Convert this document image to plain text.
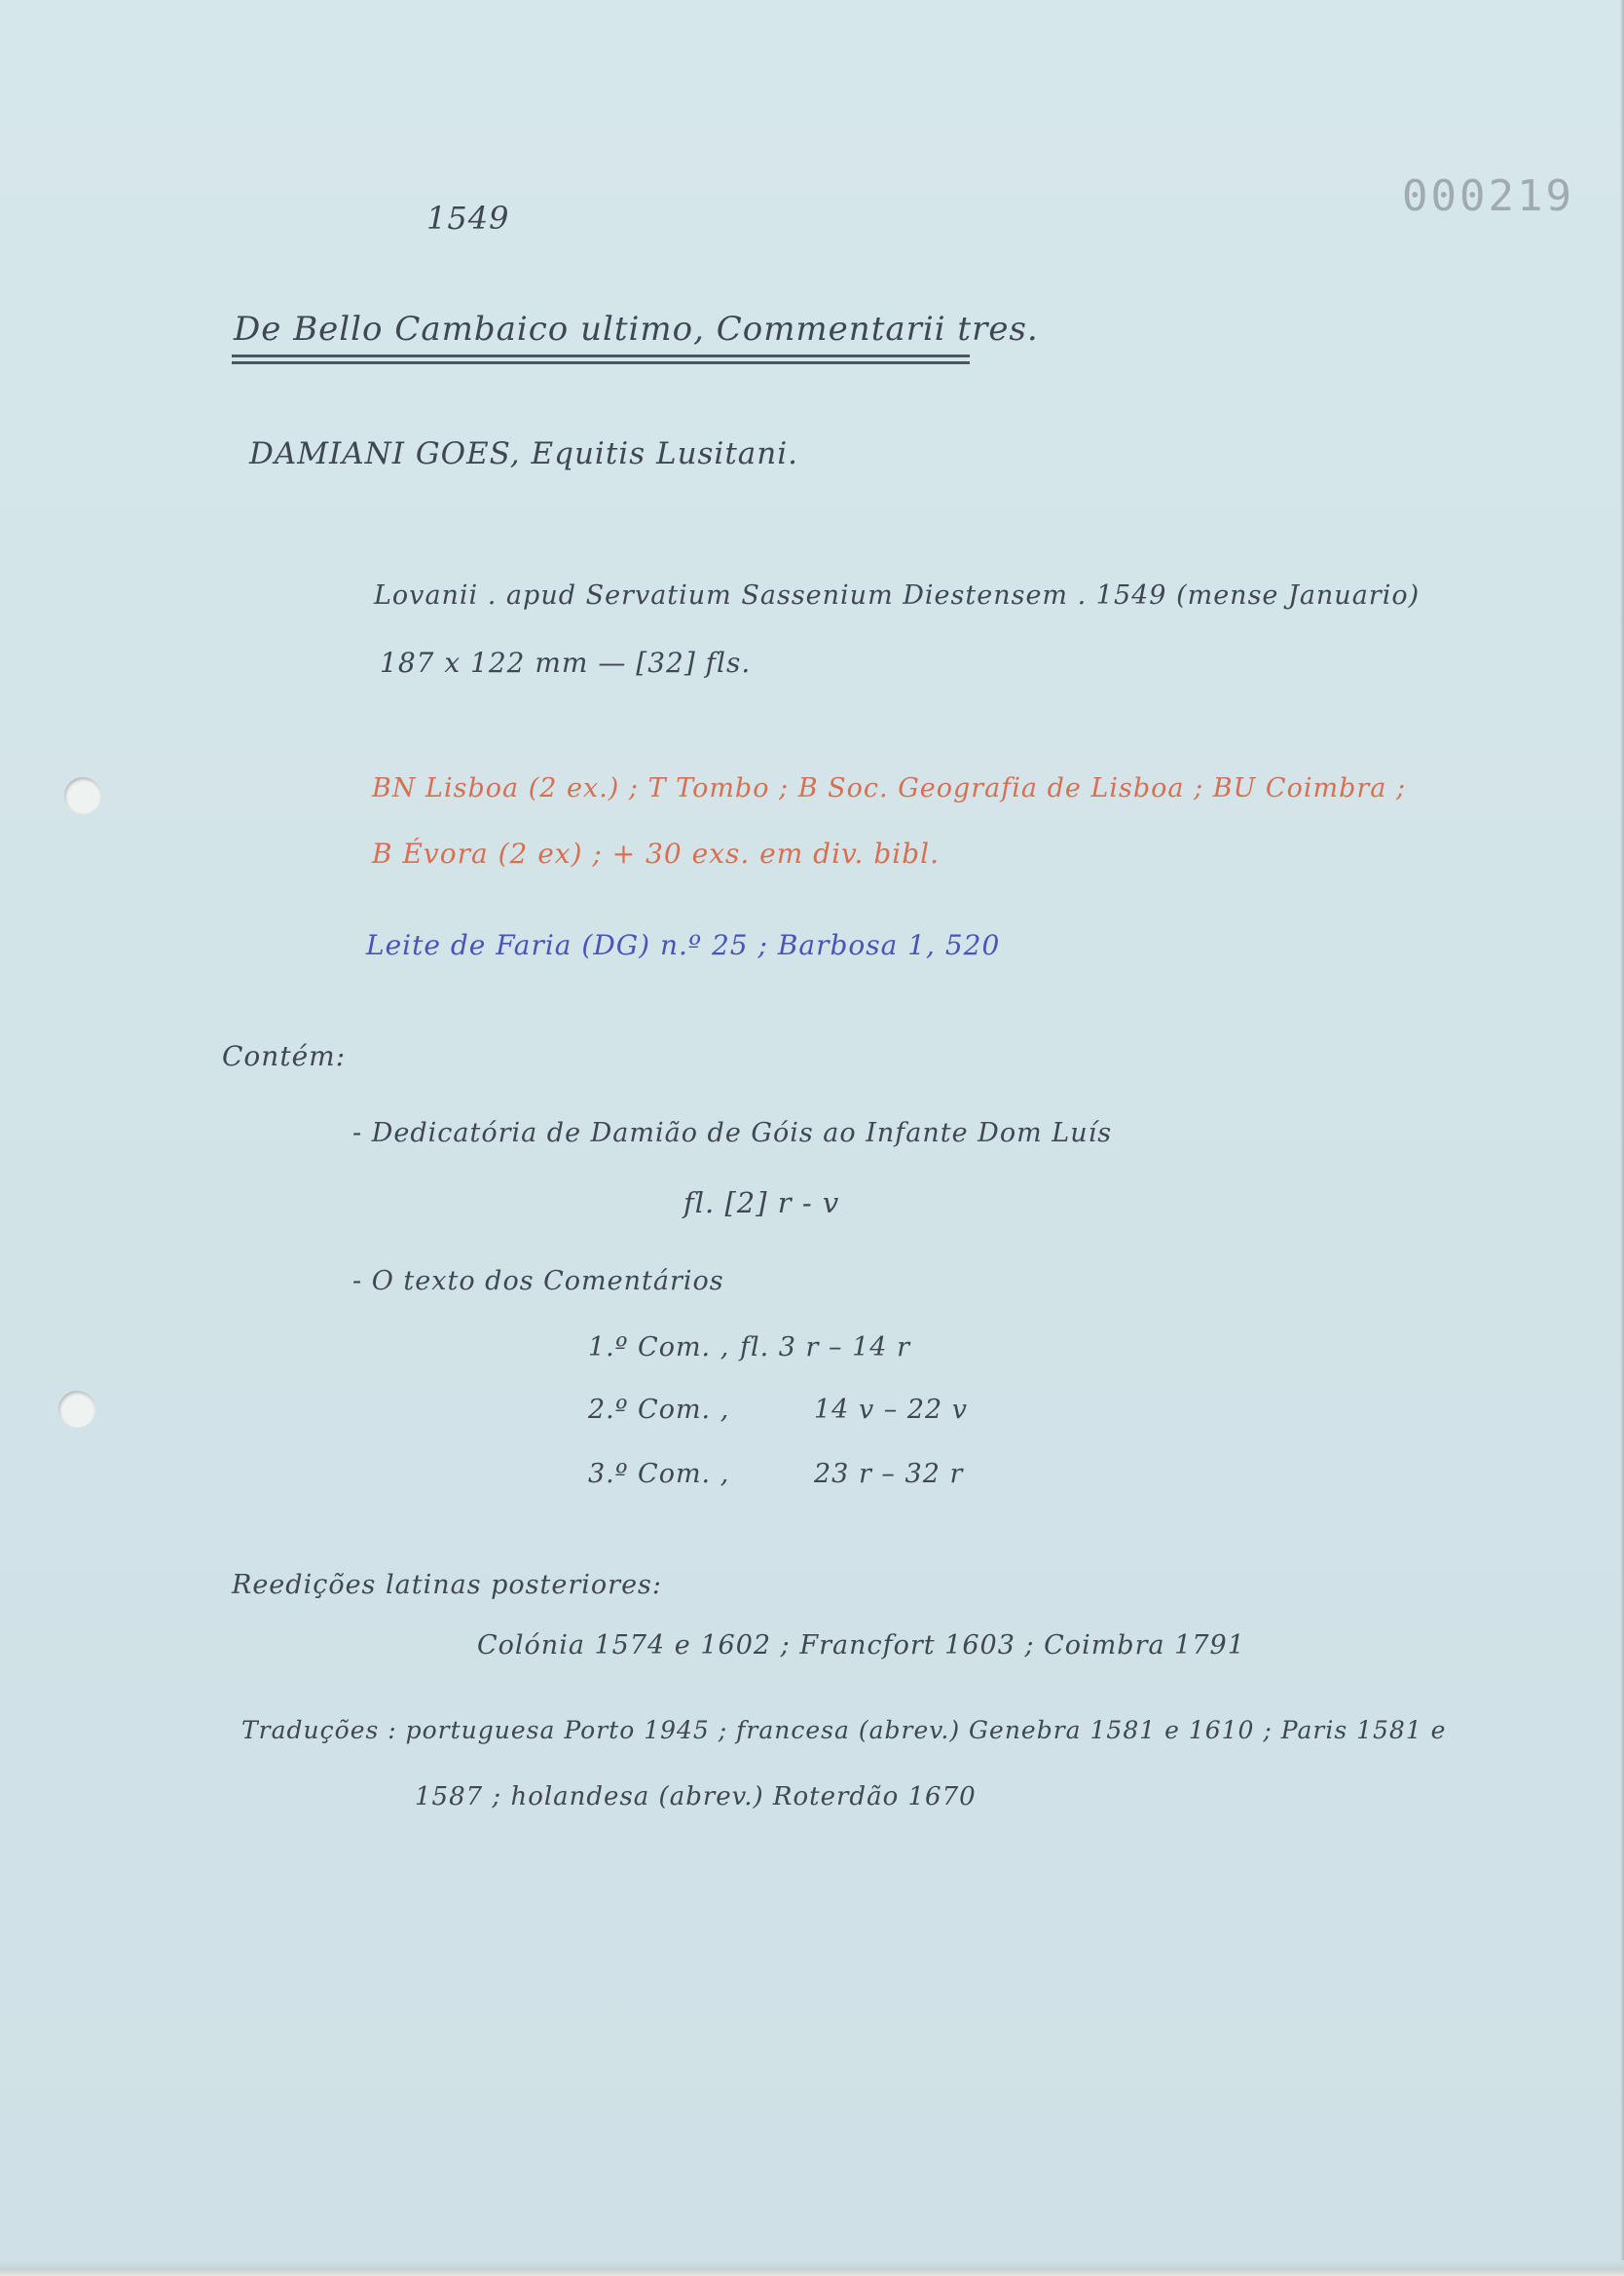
000219
1549
De Bello Cambaico ultimo, Commentarii tres.
DAMIANI GOES, Equitis Lusitani.
Lovanii . apud Servatium Sassenium Diestensem . 1549 (mense Januario)
187 x 122 mm — [32] fls.
BN Lisboa (2 ex.) ; T Tombo ; B Soc. Geografia de Lisboa ; BU Coimbra ;
B Évora (2 ex) ; + 30 exs. em div. bibl.
Leite de Faria (DG) n.º 25 ; Barbosa 1, 520
Contém:
- Dedicatória de Damião de Góis ao Infante Dom Luís
fl. [2] r - v
- O texto dos Comentários
1.º Com. , fl. 3 r – 14 r
2.º Com. ,	14 v – 22 v
3.º Com. ,	23 r – 32 r
Reedições latinas posteriores:
Colónia 1574 e 1602 ; Francfort 1603 ; Coimbra 1791
Traduções : portuguesa Porto 1945 ; francesa (abrev.) Genebra 1581 e 1610 ; Paris 1581 e
1587 ; holandesa (abrev.) Roterdão 1670
